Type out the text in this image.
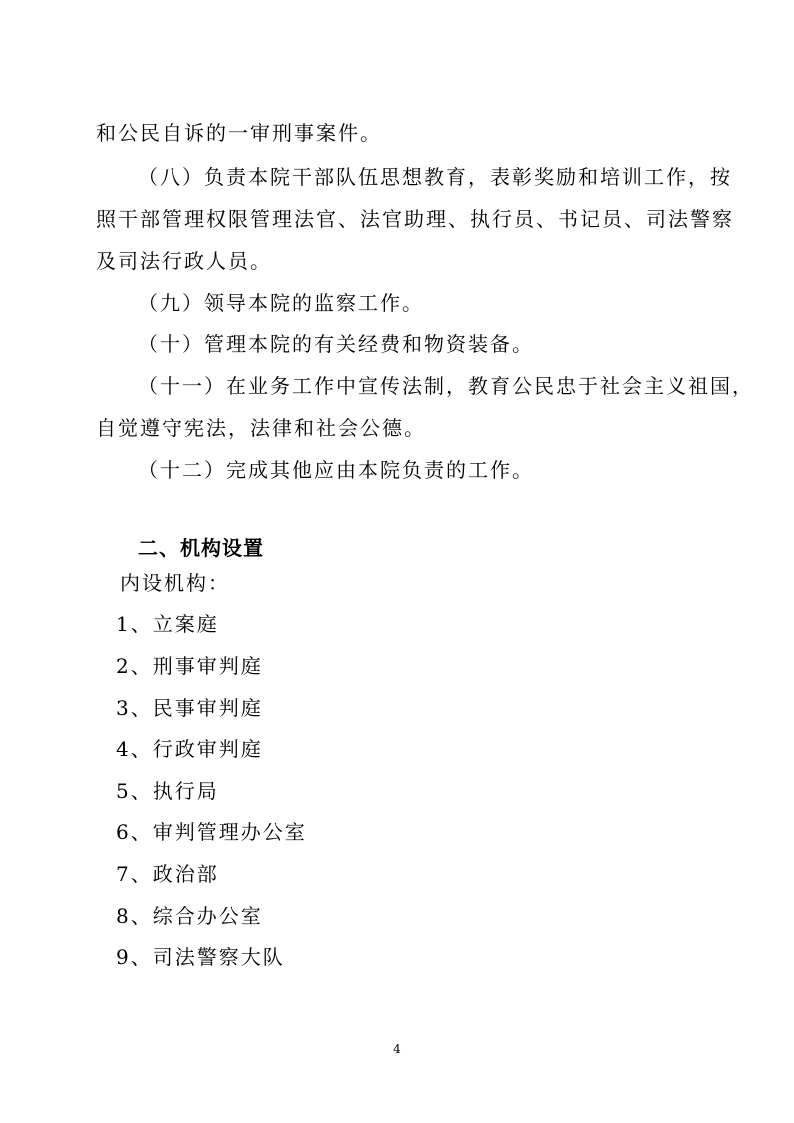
和公民自诉的一审刑事案件。

（八）负责本院干部队伍思想教育，表彰奖励和培训工作，按

照干部管理权限管理法官、法官助理、执行员、书记员、司法警察

及司法行政人员。

（九）领导本院的监察工作。

（十）管理本院的有关经费和物资装备。

（十一）在业务工作中宣传法制，教育公民忠于社会主义祖国，

自觉遵守宪法，法律和社会公德。

（十二）完成其他应由本院负责的工作。

二、机构设置

内设机构：

1、立案庭

2、刑事审判庭

3、民事审判庭

4、行政审判庭

5、执行局

6、审判管理办公室

7、政治部

8、综合办公室

9、司法警察大队

4
